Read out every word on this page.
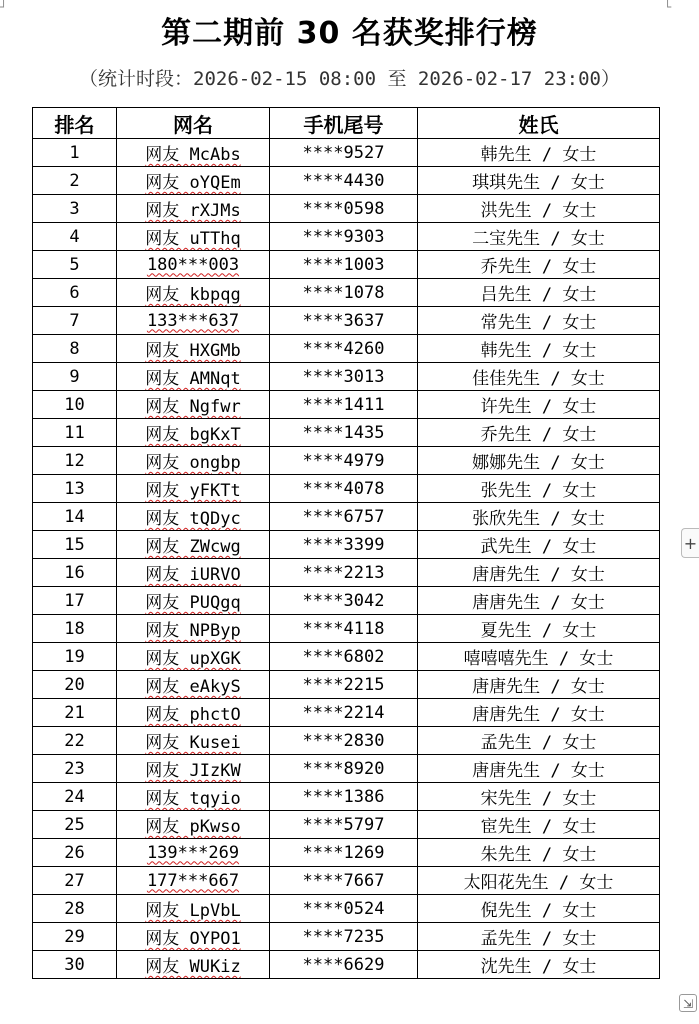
┘	└
第二期前 30 名获奖排行榜
（统计时段：2026-02-15 08:00 至 2026-02-17 23:00）
排名	网名	手机尾号	姓氏
1	网友 McAbs	****9527	韩先生 / 女士
2	网友 oYQEm	****4430	琪琪先生 / 女士
3	网友 rXJMs	****0598	洪先生 / 女士
4	网友 uTThq	****9303	二宝先生 / 女士
5	180***003	****1003	乔先生 / 女士
6	网友 kbpqg	****1078	吕先生 / 女士
7	133***637	****3637	常先生 / 女士
8	网友 HXGMb	****4260	韩先生 / 女士
9	网友 AMNqt	****3013	佳佳先生 / 女士
10	网友 Ngfwr	****1411	许先生 / 女士
11	网友 bgKxT	****1435	乔先生 / 女士
12	网友 ongbp	****4979	娜娜先生 / 女士
13	网友 yFKTt	****4078	张先生 / 女士
14	网友 tQDyc	****6757	张欣先生 / 女士
15	网友 ZWcwg	****3399	武先生 / 女士
16	网友 iURVO	****2213	唐唐先生 / 女士
17	网友 PUQgq	****3042	唐唐先生 / 女士
18	网友 NPByp	****4118	夏先生 / 女士
19	网友 upXGK	****6802	嘻嘻嘻先生 / 女士
20	网友 eAkyS	****2215	唐唐先生 / 女士
21	网友 phctO	****2214	唐唐先生 / 女士
22	网友 Kusei	****2830	孟先生 / 女士
23	网友 JIzKW	****8920	唐唐先生 / 女士
24	网友 tqyio	****1386	宋先生 / 女士
25	网友 pKwso	****5797	宦先生 / 女士
26	139***269	****1269	朱先生 / 女士
27	177***667	****7667	太阳花先生 / 女士
28	网友 LpVbL	****0524	倪先生 / 女士
29	网友 OYPO1	****7235	孟先生 / 女士
30	网友 WUKiz	****6629	沈先生 / 女士
+
⇲
